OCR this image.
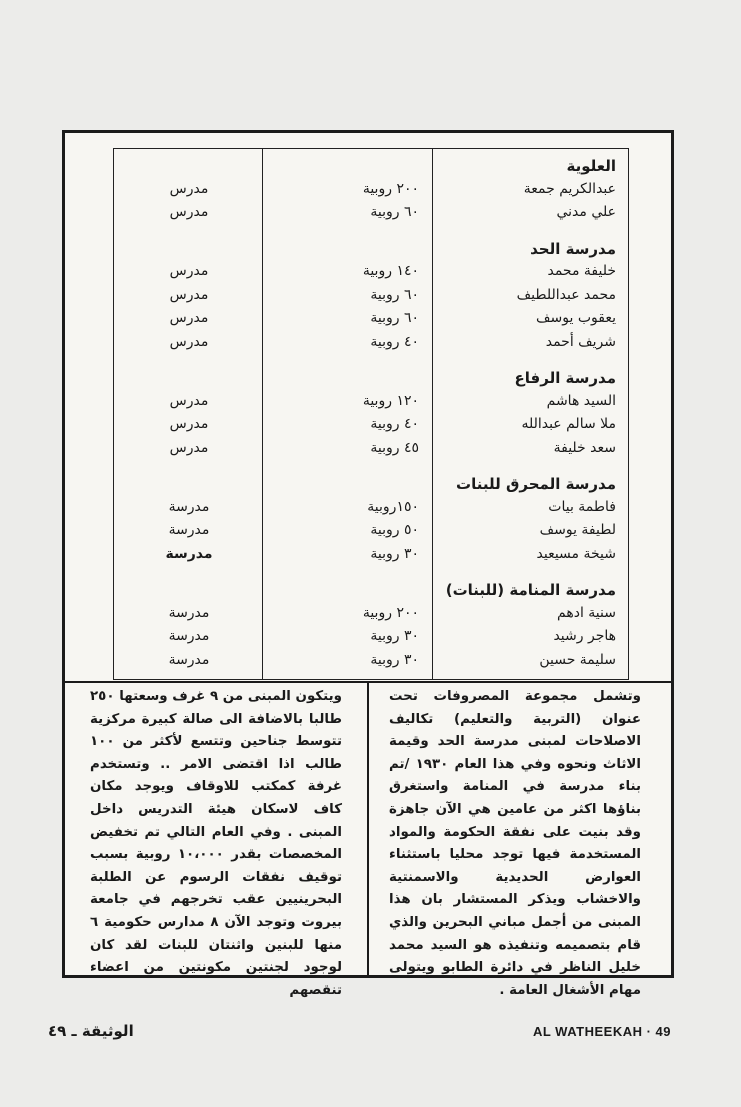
العلوية
عبدالكريم جمعة
۲۰۰ روبية
مدرس
علي مدني
٦٠ روبية
مدرس
مدرسة الحد
خليفة محمد
١٤٠ روبية
مدرس
محمد عبداللطيف
٦٠ روبية
مدرس
يعقوب يوسف
٦٠ روبية
مدرس
شريف أحمد
٤٠ روبية
مدرس
مدرسة الرفاع
السيد هاشم
١٢٠ روبية
مدرس
ملا سالم عبدالله
٤٠ روبية
مدرس
سعد خليفة
٤٥ روبية
مدرس
مدرسة المحرق للبنات
فاطمة بيات
١٥٠روبية
مدرسة
لطيفة يوسف
٥٠ روبية
مدرسة
شيخة مسيعيد
٣٠ روبية
مدرسة
مدرسة المنامة (للبنات)
سنية ادهم
٢٠٠ روبية
مدرسة
هاجر رشيد
٣٠ روبية
مدرسة
سليمة حسين
٣٠ روبية
مدرسة
وتشمل مجموعة المصروفات تحت عنوان (التربية والتعليم) تكاليف الاصلاحات لمبنى مدرسة الحد وقيمة الاثاث ونحوه وفي هذا العام ١٩٣٠ /تم بناء مدرسة في المنامة واستغرق بناؤها اكثر من عامين هي الآن جاهزة وقد بنيت على نفقة الحكومة والمواد المستخدمة فيها توجد محليا باستثناء العوارض الحديدية والاسمنتية والاخشاب ويذكر المستشار بان هذا المبنى من أجمل مباني البحرين والذي قام بتصميمه وتنفيذه هو السيد محمد خليل الناظر في دائرة الطابو ويتولى مهام الأشغال العامة .
ويتكون المبنى من ٩ غرف وسعتها ٢٥٠ طالبا بالاضافة الى صالة كبيرة مركزية تتوسط جناحين وتتسع لأكثر من ١٠٠ طالب اذا اقتضى الامر .. وتستخدم غرفة كمكتب للاوقاف ويوجد مكان كاف لاسكان هيئة التدريس داخل المبنى . وفي العام التالي تم تخفيض المخصصات بقدر ١٠،٠٠٠ روبية بسبب توقيف نفقات الرسوم عن الطلبة البحرينيين عقب تخرجهم في جامعة بيروت وتوجد الآن ٨ مدارس حكومية ٦ منها للبنين واثنتان للبنات لقد كان لوجود لجنتين مكونتين من اعضاء تنقصهم
الوثيقة ـ ٤٩	AL WATHEEKAH · 49
